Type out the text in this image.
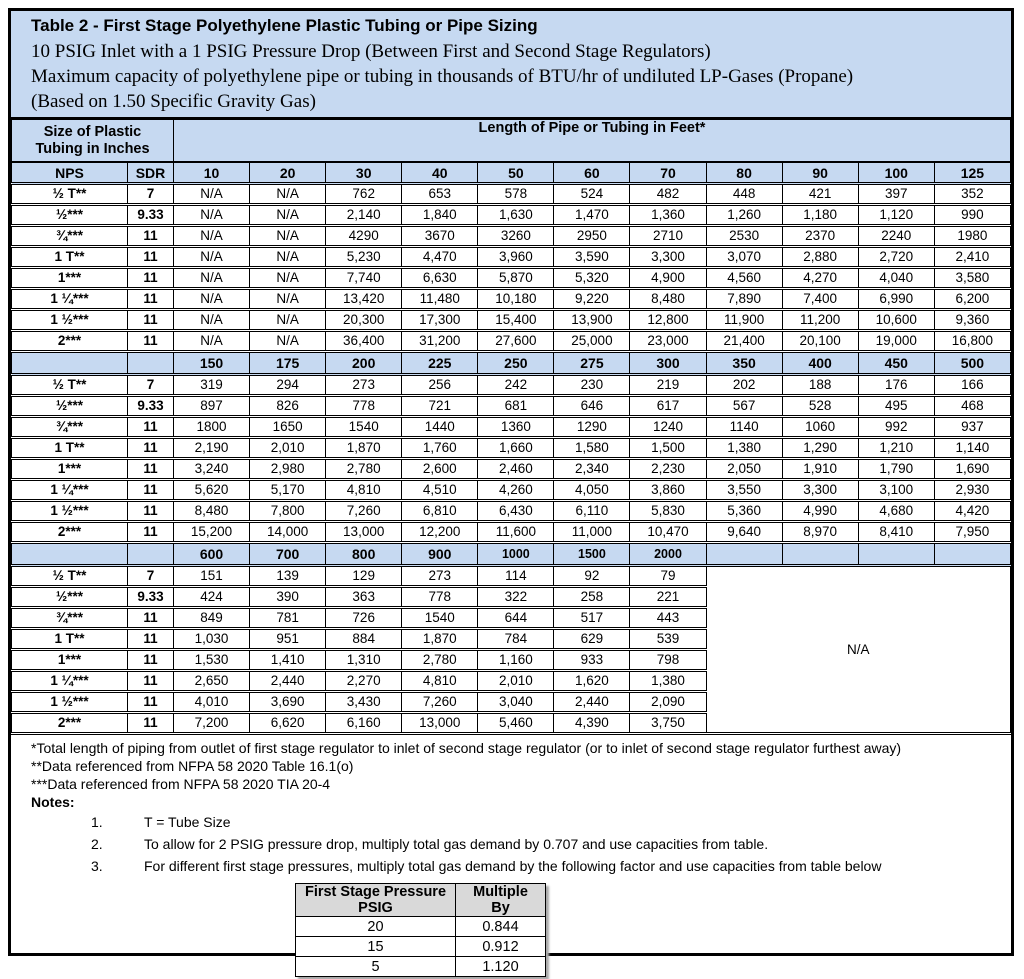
Table 2 - First Stage Polyethylene Plastic Tubing or Pipe Sizing
10 PSIG Inlet with a 1 PSIG Pressure Drop (Between First and Second Stage Regulators)
Maximum capacity of polyethylene pipe or tubing in thousands of BTU/hr of undiluted LP-Gases (Propane)
(Based on 1.50 Specific Gravity Gas)
Size of Plastic
Tubing in Inches		Length of Pipe or Tubing in Feet*										
NPS	SDR	10	20	30	40	50	60	70	80	90	100	125
½ T**	7	N/A	N/A	762	653	578	524	482	448	421	397	352
½***	9.33	N/A	N/A	2,140	1,840	1,630	1,470	1,360	1,260	1,180	1,120	990
¾***	11	N/A	N/A	4290	3670	3260	2950	2710	2530	2370	2240	1980
1 T**	11	N/A	N/A	5,230	4,470	3,960	3,590	3,300	3,070	2,880	2,720	2,410
1***	11	N/A	N/A	7,740	6,630	5,870	5,320	4,900	4,560	4,270	4,040	3,580
1 ¼***	11	N/A	N/A	13,420	11,480	10,180	9,220	8,480	7,890	7,400	6,990	6,200
1 ½***	11	N/A	N/A	20,300	17,300	15,400	13,900	12,800	11,900	11,200	10,600	9,360
2***	11	N/A	N/A	36,400	31,200	27,600	25,000	23,000	21,400	20,100	19,000	16,800
		150	175	200	225	250	275	300	350	400	450	500
½ T**	7	319	294	273	256	242	230	219	202	188	176	166
½***	9.33	897	826	778	721	681	646	617	567	528	495	468
¾***	11	1800	1650	1540	1440	1360	1290	1240	1140	1060	992	937
1 T**	11	2,190	2,010	1,870	1,760	1,660	1,580	1,500	1,380	1,290	1,210	1,140
1***	11	3,240	2,980	2,780	2,600	2,460	2,340	2,230	2,050	1,910	1,790	1,690
1 ¼***	11	5,620	5,170	4,810	4,510	4,260	4,050	3,860	3,550	3,300	3,100	2,930
1 ½***	11	8,480	7,800	7,260	6,810	6,430	6,110	5,830	5,360	4,990	4,680	4,420
2***	11	15,200	14,000	13,000	12,200	11,600	11,000	10,470	9,640	8,970	8,410	7,950
		600	700	800	900	1000	1500	2000				
½ T**	7	151	139	129	273	114	92	79	N/A			
½***	9.33	424	390	363	778	322	258	221				
¾***	11	849	781	726	1540	644	517	443				
1 T**	11	1,030	951	884	1,870	784	629	539				
1***	11	1,530	1,410	1,310	2,780	1,160	933	798				
1 ¼***	11	2,650	2,440	2,270	4,810	2,010	1,620	1,380				
1 ½***	11	4,010	3,690	3,430	7,260	3,040	2,440	2,090				
2***	11	7,200	6,620	6,160	13,000	5,460	4,390	3,750				
*Total length of piping from outlet of first stage regulator to inlet of second stage regulator (or to inlet of second stage regulator furthest away)
**Data referenced from NFPA 58 2020 Table 16.1(o)
***Data referenced from NFPA 58 2020 TIA 20-4
Notes:
1.	T = Tube Size
2.	To allow for 2 PSIG pressure drop, multiply total gas demand by 0.707 and use capacities from table.
3.	For different first stage pressures, multiply total gas demand by the following factor and use capacities from table below
First Stage Pressure PSIG	Multiple By
20	0.844
15	0.912
5	1.120
